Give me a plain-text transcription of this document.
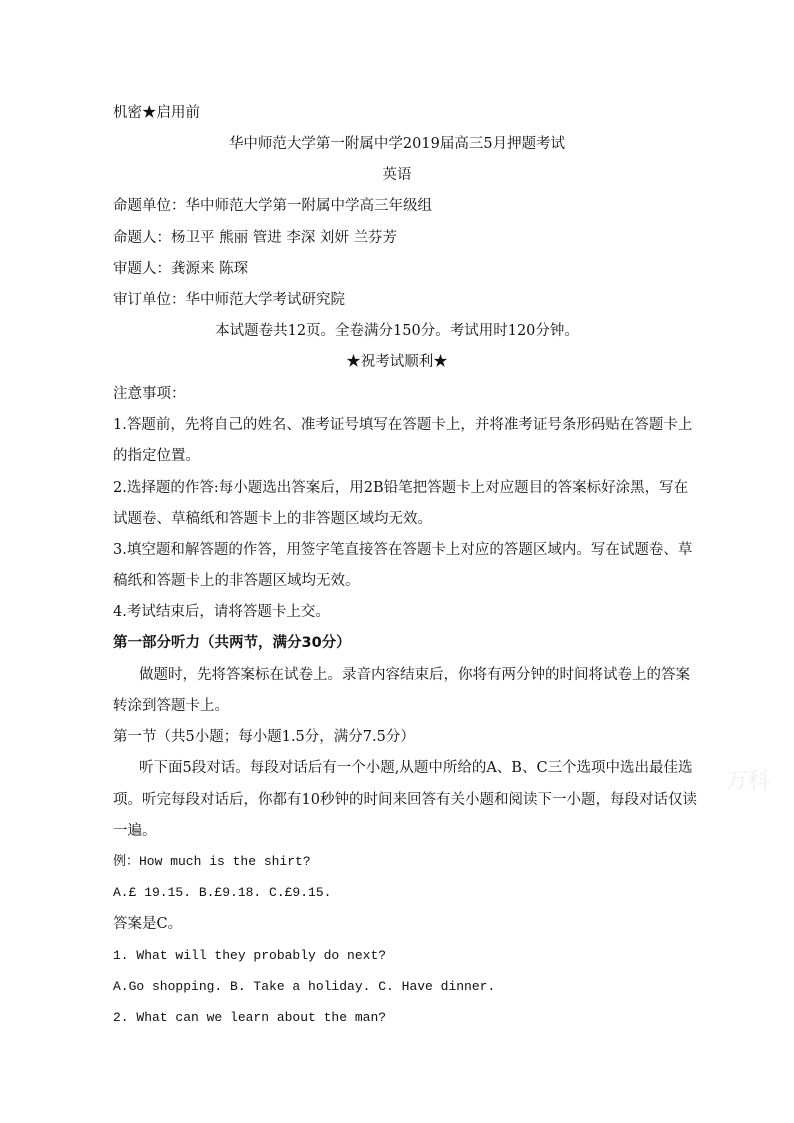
机密★启用前
华中师范大学第一附属中学2019届高三5月押题考试
英语
命题单位：华中师范大学第一附属中学高三年级组
命题人：杨卫平 熊丽 管进 李深 刘妍 兰芬芳
审题人：龚源来 陈琛
审订单位：华中师范大学考试研究院
本试题卷共12页。全卷满分150分。考试用时120分钟。
★祝考试顺利★
注意事项：
1.答题前，先将自己的姓名、准考证号填写在答题卡上，并将准考证号条形码贴在答题卡上
的指定位置。
2.选择题的作答:每小题选出答案后，用2B铅笔把答题卡上对应题目的答案标好涂黑，写在
试题卷、草稿纸和答题卡上的非答题区域均无效。
3.填空题和解答题的作答，用签字笔直接答在答题卡上对应的答题区域内。写在试题卷、草
稿纸和答题卡上的非答题区域均无效。
4.考试结束后，请将答题卡上交。
第一部分听力（共两节，满分30分）
做题时，先将答案标在试卷上。录音内容结束后，你将有两分钟的时间将试卷上的答案
转涂到答题卡上。
第一节（共5小题；每小题1.5分，满分7.5分）
听下面5段对话。每段对话后有一个小题,从题中所给的A、B、C三个选项中选出最佳选
项。听完每段对话后，你都有10秒钟的时间来回答有关小题和阅读下一小题，每段对话仅读
一遍。
例：How much is the shirt?
A.£ 19.15. B.£9.18. C.£9.15.
答案是C。
1. What will they probably do next?
A.Go shopping. B. Take a holiday. C. Have dinner.
2. What can we learn about the man?
万科
